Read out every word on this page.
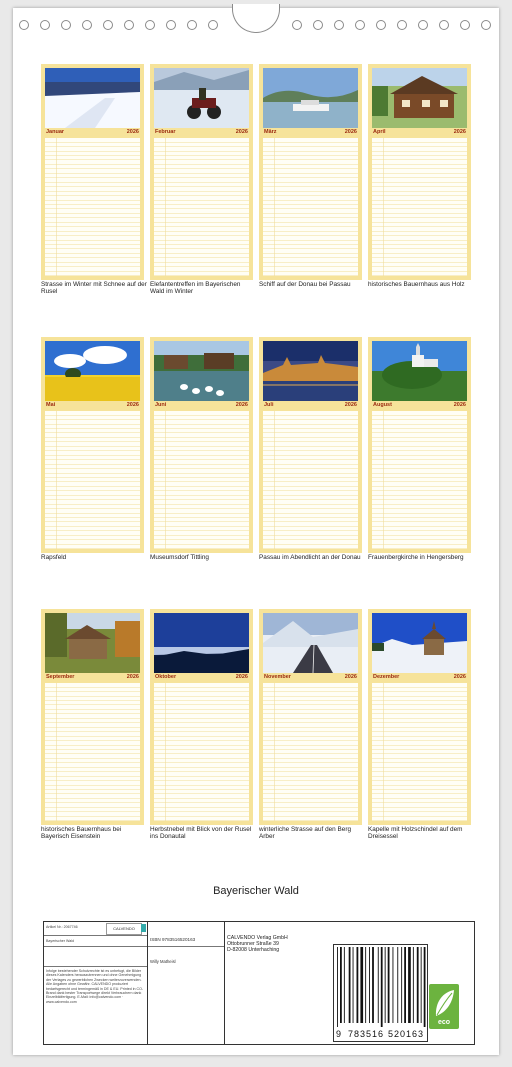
Januar	2026
Strasse im Winter mit Schnee auf der Rusel
Februar	2026
Elefantentreffen im Bayerischen Wald im Winter
März	2026
Schiff auf der Donau bei Passau
April	2026
historisches Bauernhaus aus Holz
Mai	2026
Rapsfeld
Juni	2026
Museumsdorf Tittling
Juli	2026
Passau im Abendlicht an der Donau
August	2026
Frauenbergkirche in Hengersberg
September	2026
historisches Bauernhaus bei Bayerisch Eisenstein
Oktober	2026
Herbstnebel mit Blick von der Rusel ins Donautal
November	2026
winterliche Strasse auf den Berg Arber
Dezember	2026
Kapelle mit Holzschindel auf dem Dreisessel
Bayerischer Wald
Artikel Nr.: 2067746	CALVENDO
Bayerischer Wald
Infolge bestehender Schutzrechte ist es unbefugt, die Bilder dieses Kalenders herauszutrennen und ohne Genehmigung der Verlages zu gewerblichen Zwecken weiterzuverwenden. Alle Angaben ohne Gewähr. CALVENDO produziert bedarfsgerecht und termingemäß in DE & EU. Printed in CO-Brand dank bester Transportwege direkt Verbrauchern dank Einzelbildfertigung. E-Mail: info@calvendo.com · www.calvendo.com
ISBN 9783516520163
Willy Matheisl
CALVENDO Verlag GmbH
Ottobrunner Straße 39
D-82008 Unterhaching
9 783516 520163
eco
